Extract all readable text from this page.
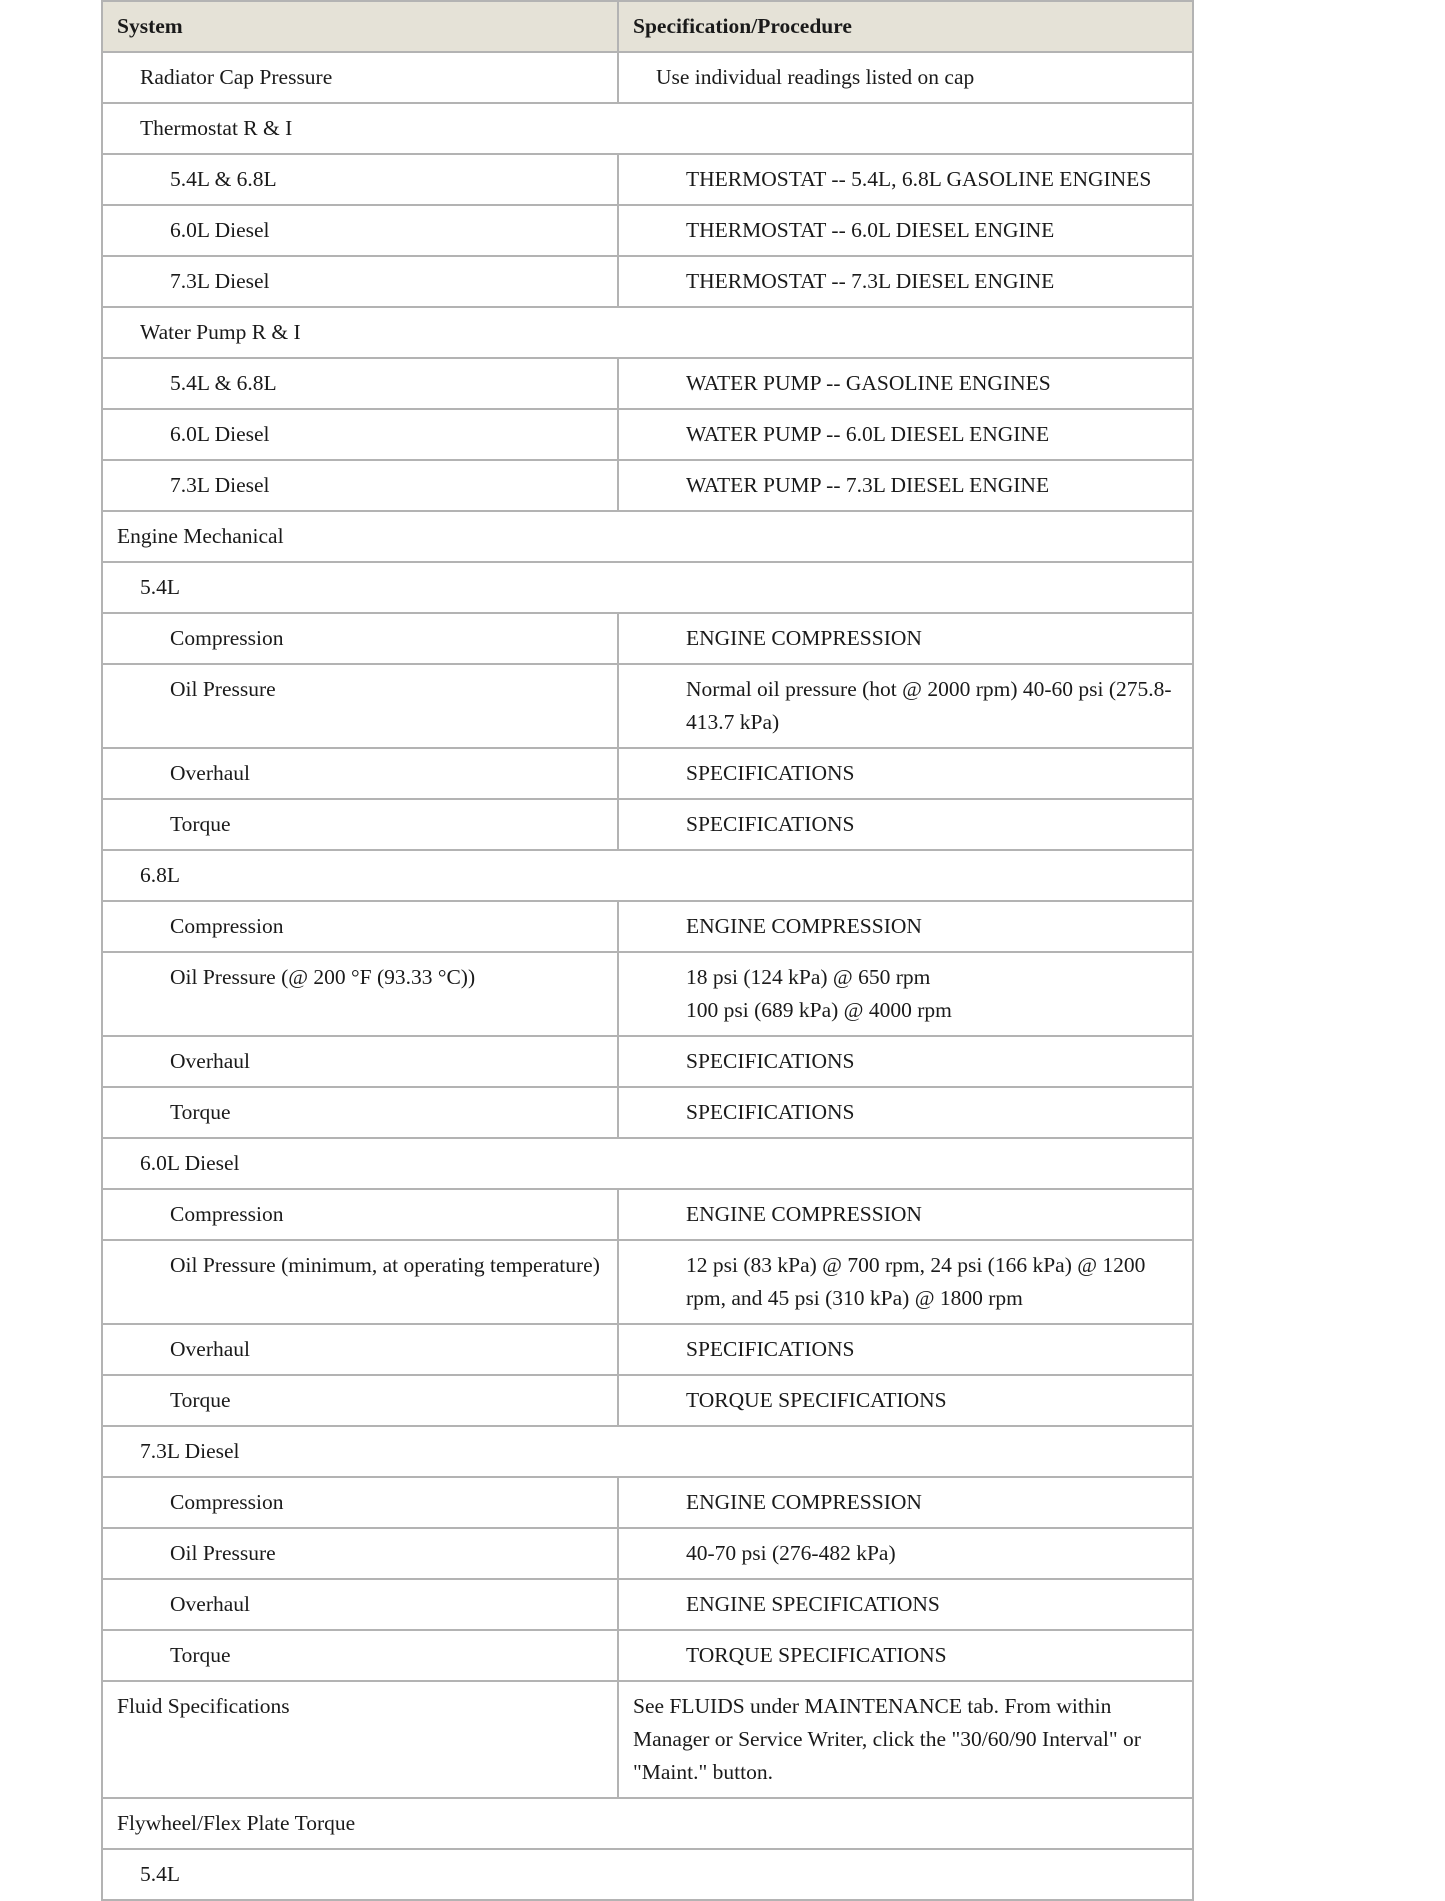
System	Specification/Procedure
Radiator Cap Pressure	Use individual readings listed on cap
Thermostat R & I	
5.4L & 6.8L	THERMOSTAT -- 5.4L, 6.8L GASOLINE ENGINES
6.0L Diesel	THERMOSTAT -- 6.0L DIESEL ENGINE
7.3L Diesel	THERMOSTAT -- 7.3L DIESEL ENGINE
Water Pump R & I	
5.4L & 6.8L	WATER PUMP -- GASOLINE ENGINES
6.0L Diesel	WATER PUMP -- 6.0L DIESEL ENGINE
7.3L Diesel	WATER PUMP -- 7.3L DIESEL ENGINE
Engine Mechanical	
5.4L	
Compression	ENGINE COMPRESSION
Oil Pressure	Normal oil pressure (hot @ 2000 rpm) 40-60 psi (275.8-413.7 kPa)
Overhaul	SPECIFICATIONS
Torque	SPECIFICATIONS
6.8L	
Compression	ENGINE COMPRESSION
Oil Pressure (@ 200 °F (93.33 °C))	18 psi (124 kPa) @ 650 rpm
100 psi (689 kPa) @ 4000 rpm

Overhaul	SPECIFICATIONS
Torque	SPECIFICATIONS
6.0L Diesel	
Compression	ENGINE COMPRESSION
Oil Pressure (minimum, at operating temperature)	12 psi (83 kPa) @ 700 rpm, 24 psi (166 kPa) @ 1200 rpm, and 45 psi (310 kPa) @ 1800 rpm
Overhaul	SPECIFICATIONS
Torque	TORQUE SPECIFICATIONS
7.3L Diesel	
Compression	ENGINE COMPRESSION
Oil Pressure	40-70 psi (276-482 kPa)
Overhaul	ENGINE SPECIFICATIONS
Torque	TORQUE SPECIFICATIONS
Fluid Specifications	See FLUIDS under MAINTENANCE tab. From within Manager or Service Writer, click the "30/60/90 Interval" or "Maint." button.
Flywheel/Flex Plate Torque	
5.4L	
